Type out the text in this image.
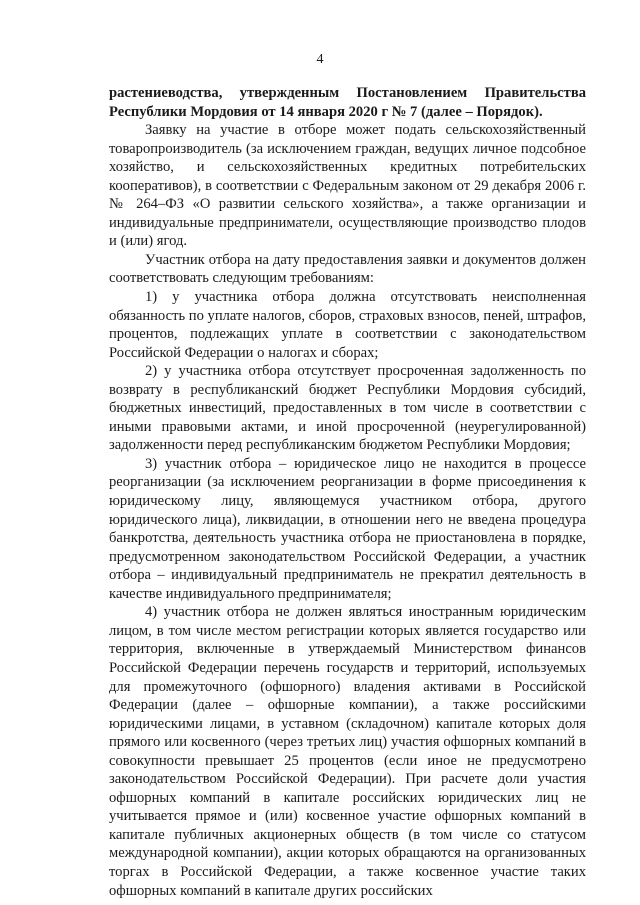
4

растениеводства, утвержденным Постановлением Правительства Республики Мордовия от 14 января 2020 г № 7 (далее – Порядок).

Заявку на участие в отборе может подать сельскохозяйственный товаропроизводитель (за исключением граждан, ведущих личное подсобное хозяйство, и сельскохозяйственных кредитных потребительских кооперативов), в соответствии с Федеральным законом от 29 декабря 2006 г. № 264–ФЗ «О развитии сельского хозяйства», а также организации и индивидуальные предприниматели, осуществляющие производство плодов и (или) ягод.

Участник отбора на дату предоставления заявки и документов должен соответствовать следующим требованиям:

1) у участника отбора должна отсутствовать неисполненная обязанность по уплате налогов, сборов, страховых взносов, пеней, штрафов, процентов, подлежащих уплате в соответствии с законодательством Российской Федерации о налогах и сборах;

2) у участника отбора отсутствует просроченная задолженность по возврату в республиканский бюджет Республики Мордовия субсидий, бюджетных инвестиций, предоставленных в том числе в соответствии с иными правовыми актами, и иной просроченной (неурегулированной) задолженности перед республиканским бюджетом Республики Мордовия;

3) участник отбора – юридическое лицо не находится в процессе реорганизации (за исключением реорганизации в форме присоединения к юридическому лицу, являющемуся участником отбора, другого юридического лица), ликвидации, в отношении него не введена процедура банкротства, деятельность участника отбора не приостановлена в порядке, предусмотренном законодательством Российской Федерации, а участник отбора – индивидуальный предприниматель не прекратил деятельность в качестве индивидуального предпринимателя;

4) участник отбора не должен являться иностранным юридическим лицом, в том числе местом регистрации которых является государство или территория, включенные в утверждаемый Министерством финансов Российской Федерации перечень государств и территорий, используемых для промежуточного (офшорного) владения активами в Российской Федерации (далее – офшорные компании), а также российскими юридическими лицами, в уставном (складочном) капитале которых доля прямого или косвенного (через третьих лиц) участия офшорных компаний в совокупности превышает 25 процентов (если иное не предусмотрено законодательством Российской Федерации). При расчете доли участия офшорных компаний в капитале российских юридических лиц не учитывается прямое и (или) косвенное участие офшорных компаний в капитале публичных акционерных обществ (в том числе со статусом международной компании), акции которых обращаются на организованных торгах в Российской Федерации, а также косвенное участие таких офшорных компаний в капитале других российских
